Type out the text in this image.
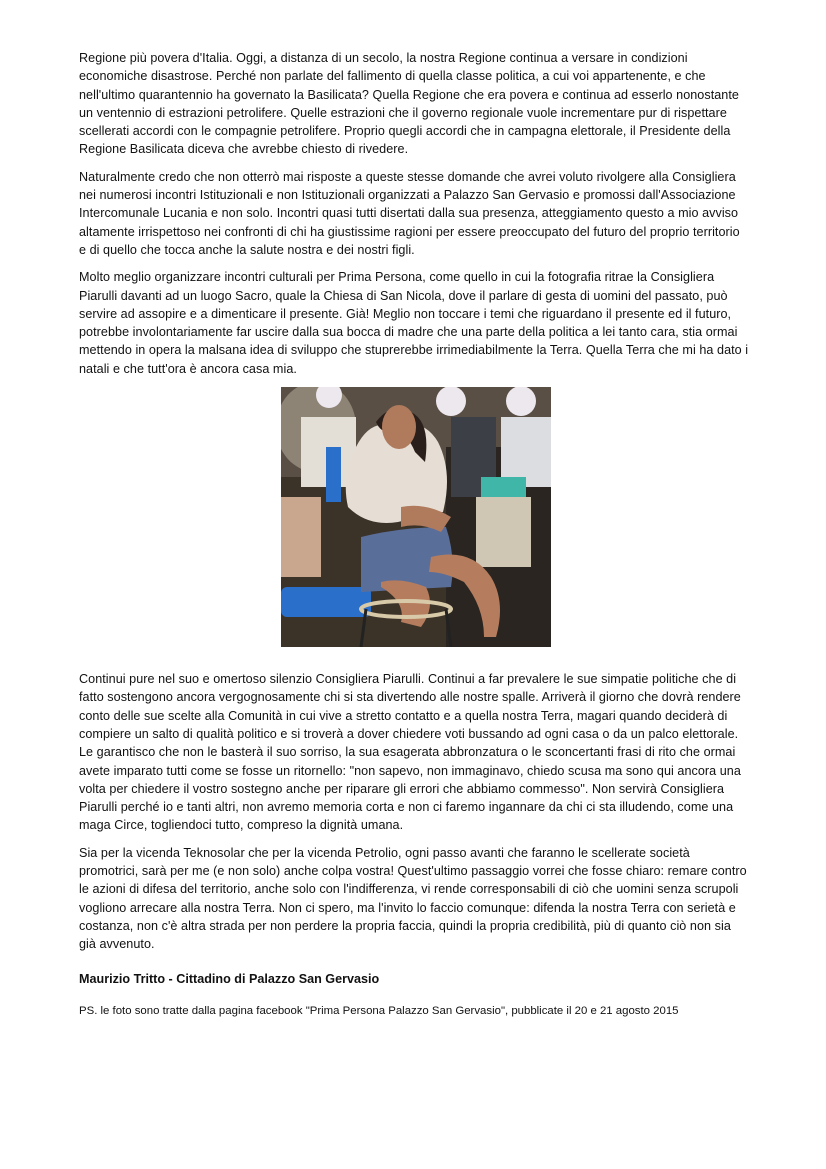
Regione più povera d'Italia. Oggi, a distanza di un secolo, la nostra Regione continua a versare in condizioni economiche disastrose. Perché non parlate del fallimento di quella classe politica, a cui voi appartenente, e che nell'ultimo quarantennio ha governato la Basilicata? Quella Regione che era povera e continua ad esserlo nonostante un ventennio di estrazioni petrolifere. Quelle estrazioni che il governo regionale vuole incrementare pur di rispettare scellerati accordi con le compagnie petrolifere. Proprio quegli accordi che in campagna elettorale, il Presidente della Regione Basilicata diceva che avrebbe chiesto di rivedere.

Naturalmente credo che non otterrò mai risposte a queste stesse domande che avrei voluto rivolgere alla Consigliera nei numerosi incontri Istituzionali e non Istituzionali organizzati a Palazzo San Gervasio e promossi dall'Associazione Intercomunale Lucania e non solo. Incontri quasi tutti disertati dalla sua presenza, atteggiamento questo a mio avviso altamente irrispettoso nei confronti di chi ha giustissime ragioni per essere preoccupato del futuro del proprio territorio e di quello che tocca anche la salute nostra e dei nostri figli.

Molto meglio organizzare incontri culturali per Prima Persona, come quello in cui la fotografia ritrae la Consigliera Piarulli davanti ad un luogo Sacro, quale la Chiesa di San Nicola, dove il parlare di gesta di uomini del passato, può servire ad assopire e a dimenticare il presente. Già! Meglio non toccare i temi che riguardano il presente ed il futuro, potrebbe involontariamente far uscire dalla sua bocca di madre che una parte della politica a lei tanto cara, stia ormai mettendo in opera la malsana idea di sviluppo che stuprerebbe irrimediabilmente la Terra. Quella Terra che mi ha dato i natali e che tutt'ora è ancora casa mia.

Continui pure nel suo e omertoso silenzio Consigliera Piarulli. Continui a far prevalere le sue simpatie politiche che di fatto sostengono ancora vergognosamente chi si sta divertendo alle nostre spalle. Arriverà il giorno che dovrà rendere conto delle sue scelte alla Comunità in cui vive a stretto contatto e a quella nostra Terra, magari quando deciderà di compiere un salto di qualità politico e si troverà a dover chiedere voti bussando ad ogni casa o da un palco elettorale. Le garantisco che non le basterà il suo sorriso, la sua esagerata abbronzatura o le sconcertanti frasi di rito che ormai avete imparato tutti come se fosse un ritornello: "non sapevo, non immaginavo, chiedo scusa ma sono qui ancora una volta per chiedere il vostro sostegno anche per riparare gli errori che abbiamo commesso". Non servirà Consigliera Piarulli perché io e tanti altri, non avremo memoria corta e non ci faremo ingannare da chi ci sta illudendo, come una maga Circe, togliendoci tutto, compreso la dignità umana.

Sia per la vicenda Teknosolar che per la vicenda Petrolio, ogni passo avanti che faranno le scellerate società promotrici, sarà per me (e non solo) anche colpa vostra! Quest'ultimo passaggio vorrei che fosse chiaro: remare contro le azioni di difesa del territorio, anche solo con l'indifferenza, vi rende corresponsabili di ciò che uomini senza scrupoli vogliono arrecare alla nostra Terra. Non ci spero, ma l'invito lo faccio comunque: difenda la nostra Terra con serietà e costanza, non c'è altra strada per non perdere la propria faccia, quindi la propria credibilità, più di quanto ciò non sia già avvenuto.

Maurizio Tritto - Cittadino di Palazzo San Gervasio

PS. le foto sono tratte dalla pagina facebook "Prima Persona Palazzo San Gervasio", pubblicate il 20 e 21 agosto 2015
